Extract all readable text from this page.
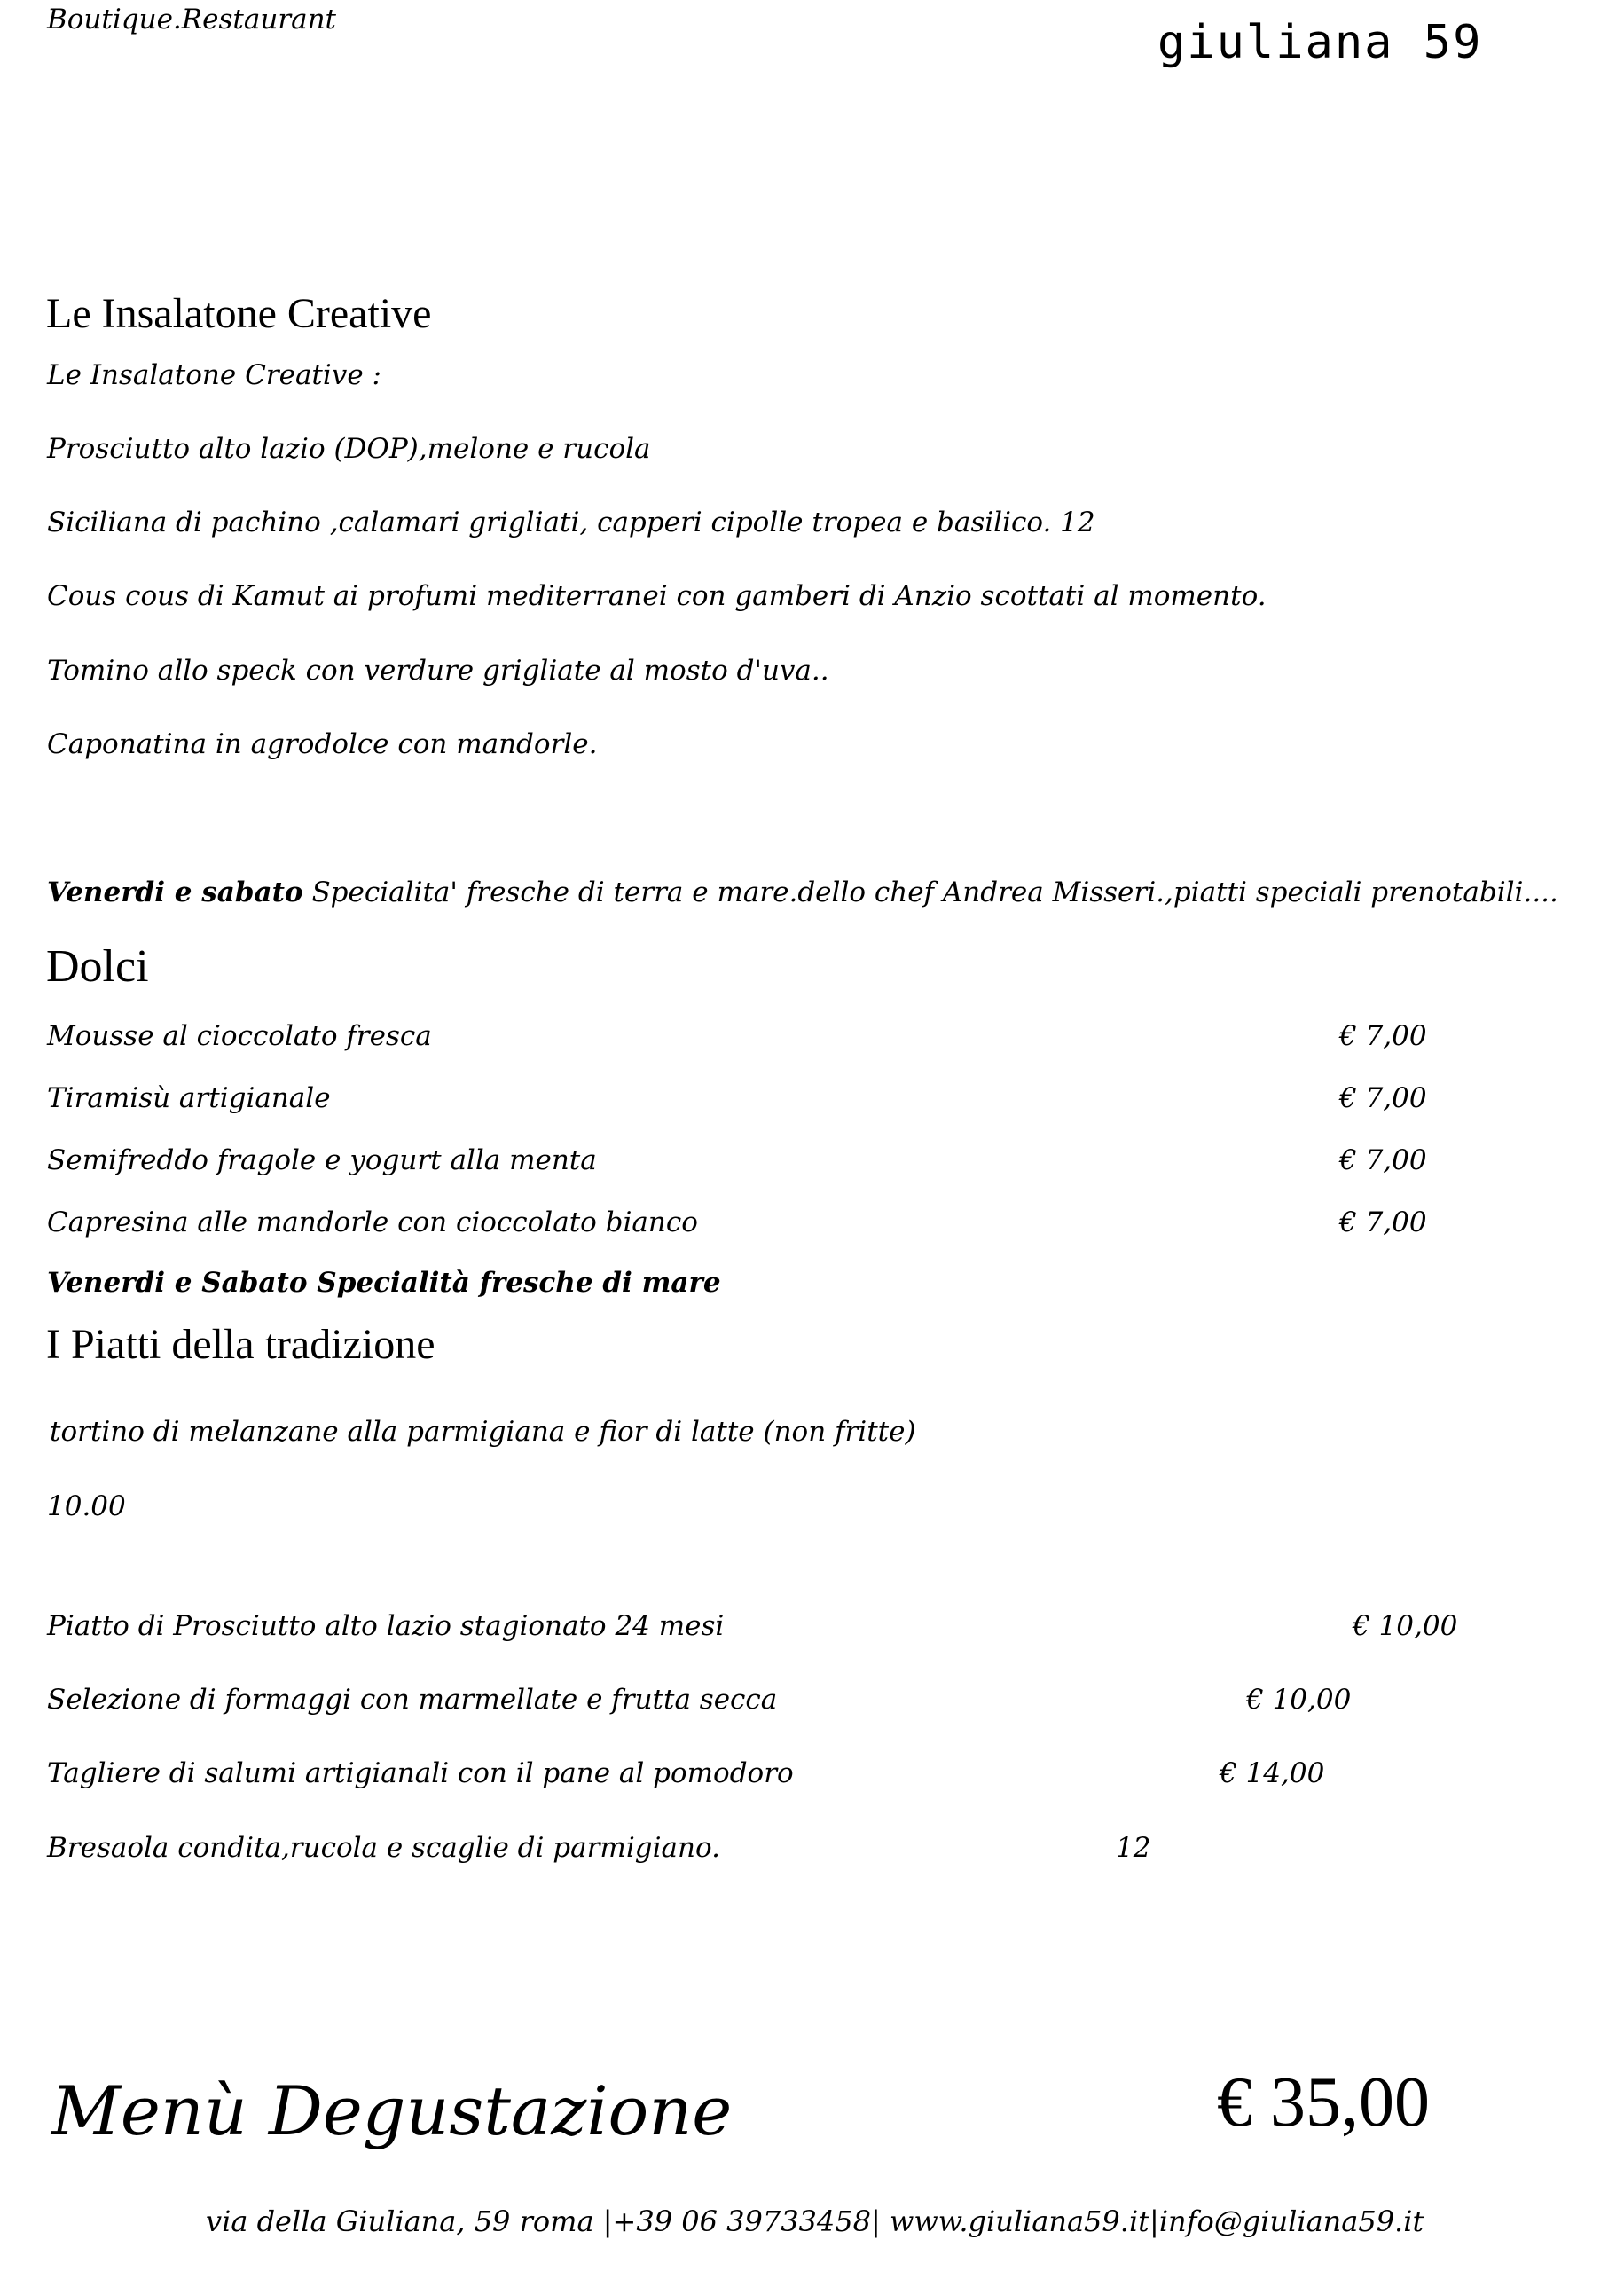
Boutique.Restaurant	giuliana 59
Le Insalatone Creative
Le Insalatone Creative :
Prosciutto alto lazio (DOP),melone e rucola
Siciliana di pachino ,calamari grigliati, capperi cipolle tropea e basilico. 12
Cous cous di Kamut ai profumi mediterranei con gamberi di Anzio scottati al momento.
Tomino allo speck con verdure grigliate al mosto d'uva..
Caponatina in agrodolce con mandorle.
Venerdi e sabato Specialita' fresche di terra e mare.dello chef Andrea Misseri.,piatti speciali prenotabili....
Dolci
Mousse al cioccolato fresca	€ 7,00
Tiramisù artigianale	€ 7,00
Semifreddo fragole e yogurt alla menta	€ 7,00
Capresina alle mandorle con cioccolato bianco	€ 7,00
Venerdi e Sabato Specialità fresche di mare
I Piatti della tradizione
tortino di melanzane alla parmigiana e fior di latte (non fritte)
10.00
Piatto di Prosciutto alto lazio stagionato 24 mesi	€ 10,00
Selezione di formaggi con marmellate e frutta secca	€ 10,00
Tagliere di salumi artigianali con il pane al pomodoro	€ 14,00
Bresaola condita,rucola e scaglie di parmigiano.	12
Menù Degustazione	€ 35,00
via della Giuliana, 59 roma |+39 06 39733458| www.giuliana59.it|info@giuliana59.it
